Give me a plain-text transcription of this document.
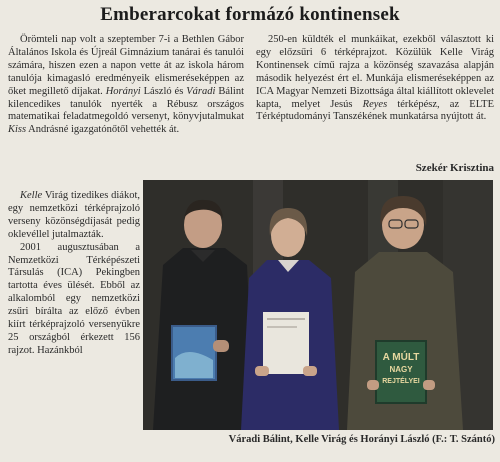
Emberarcokat formázó kontinensek

Örömteli nap volt a szeptember 7-i a Bethlen Gábor Általános Iskola és Újreál Gimnázium tanárai és tanulói számára, hiszen ezen a napon vette át az iskola három tanulója kimagasló eredményeik elismeréseképpen az őket megillető díjakat. Horányi László és Váradi Bálint kilencedikes tanulók nyerték a Rébusz országos matematikai feladatmegoldó versenyt, könyvjutalmukat Kiss Andrásné igazgatónőtől vehették át.

Kelle Virág tizedikes diákot, egy nemzetközi térképrajzoló verseny közönségdíjasát pedig oklevéllel jutalmazták.

2001 augusztusában a Nemzetközi Térképészeti Társulás (ICA) Pekingben tartotta éves ülését. Ebből az alkalomból egy nemzetközi zsűri bírálta az előző évben kiírt térképrajzoló versenyükre 25 országból érkezett 156 rajzot. Hazánkból

250-en küldték el munkáikat, ezekből választott ki egy előzsűri 6 térképrajzot. Közülük Kelle Virág Kontinensek című rajza a közönség szavazása alapján második helyezést ért el. Munkája elismeréseképpen az ICA Magyar Nemzeti Bizottsága által kiállított oklevelet kapta, melyet Jesús Reyes térképész, az ELTE Térképtudományi Tanszékének munkatársa nyújtott át.

Szekér Krisztina
A MÚLT
NAGY
REJTÉLYEI
Váradi Bálint, Kelle Virág és Horányi László (F.: T. Szántó)
